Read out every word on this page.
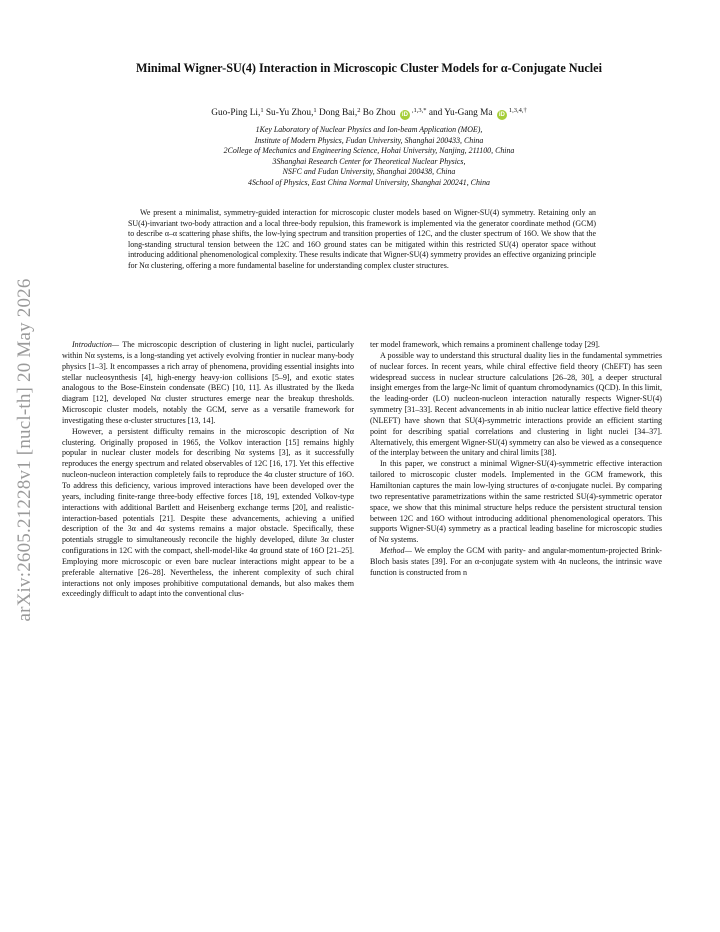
arXiv:2605.21228v1 [nucl-th] 20 May 2026
Minimal Wigner-SU(4) Interaction in Microscopic Cluster Models for α-Conjugate Nuclei
Guo-Ping Li,$^1$ Su-Yu Zhou,$^1$ Dong Bai,$^2$ Bo Zhou $iD^{,1,3,*}$ and Yu-Gang Ma $iD^{1,3,4,\dagger}$
1Key Laboratory of Nuclear Physics and Ion-beam Application (MOE),
Institute of Modern Physics, Fudan University, Shanghai 200433, China
2College of Mechanics and Engineering Science, Hohai University, Nanjing, 211100, China
3Shanghai Research Center for Theoretical Nuclear Physics,
NSFC and Fudan University, Shanghai 200438, China
4School of Physics, East China Normal University, Shanghai 200241, China
We present a minimalist, symmetry-guided interaction for microscopic cluster models based on Wigner-SU(4) symmetry. Retaining only an SU(4)-invariant two-body attraction and a local three-body repulsion, this framework is implemented via the generator coordinate method (GCM) to describe α–α scattering phase shifts, the low-lying spectrum and transition properties of 12C, and the cluster spectrum of 16O. We show that the long-standing structural tension between the 12C and 16O ground states can be mitigated within this restricted SU(4) operator space without introducing additional phenomenological complexity. These results indicate that Wigner-SU(4) symmetry provides an effective organizing principle for Nα clustering, offering a more fundamental baseline for understanding complex cluster structures.

Introduction— The microscopic description of clustering in light nuclei, particularly within Nα systems, is a long-standing yet actively evolving frontier in nuclear many-body physics [1–3]. It encompasses a rich array of phenomena, providing essential insights into stellar nucleosynthesis [4], high-energy heavy-ion collisions [5–9], and exotic states analogous to the Bose-Einstein condensate (BEC) [10, 11]. As illustrated by the Ikeda diagram [12], developed Nα cluster structures emerge near the breakup thresholds. Microscopic cluster models, notably the GCM, serve as a versatile framework for investigating these α-cluster structures [13, 14].

However, a persistent difficulty remains in the microscopic description of Nα clustering. Originally proposed in 1965, the Volkov interaction [15] remains highly popular in nuclear cluster models for describing Nα systems [3], as it successfully reproduces the energy spectrum and related observables of 12C [16, 17]. Yet this effective nucleon-nucleon interaction completely fails to reproduce the 4α cluster structure of 16O. To address this deficiency, various improved interactions have been developed over the years, including finite-range three-body effective forces [18, 19], extended Volkov-type interactions with additional Bartlett and Heisenberg exchange terms [20], and realistic-interaction-based potentials [21]. Despite these advancements, achieving a unified description of the 3α and 4α systems remains a major obstacle. Specifically, these potentials struggle to simultaneously reconcile the highly developed, dilute 3α cluster configurations in 12C with the compact, shell-model-like 4α ground state of 16O [21–25]. Employing more microscopic or even bare nuclear interactions might appear to be a preferable alternative [26–28]. Nevertheless, the inherent complexity of such chiral interactions not only imposes prohibitive computational demands, but also makes them exceedingly difficult to adapt into the conventional clus-

ter model framework, which remains a prominent challenge today [29].

A possible way to understand this structural duality lies in the fundamental symmetries of nuclear forces. In recent years, while chiral effective field theory (ChEFT) has seen widespread success in nuclear structure calculations [26–28, 30], a deeper structural insight emerges from the large-Nc limit of quantum chromodynamics (QCD). In this limit, the leading-order (LO) nucleon-nucleon interaction naturally respects Wigner-SU(4) symmetry [31–33]. Recent advancements in ab initio nuclear lattice effective field theory (NLEFT) have shown that SU(4)-symmetric interactions provide an efficient starting point for describing spatial correlations and clustering in light nuclei [34–37]. Alternatively, this emergent Wigner-SU(4) symmetry can also be viewed as a consequence of the interplay between the unitary and chiral limits [38].

In this paper, we construct a minimal Wigner-SU(4)-symmetric effective interaction tailored to microscopic cluster models. Implemented in the GCM framework, this Hamiltonian captures the main low-lying structures of α-conjugate nuclei. By comparing two representative parametrizations within the same restricted SU(4)-symmetric operator space, we show that this minimal structure helps reduce the persistent structural tension between 12C and 16O without introducing additional phenomenological operators. This supports Wigner-SU(4) symmetry as a practical leading baseline for microscopic studies of Nα systems.

Method— We employ the GCM with parity- and angular-momentum-projected Brink-Bloch basis states [39]. For an α-conjugate system with 4n nucleons, the intrinsic wave function is constructed from n
